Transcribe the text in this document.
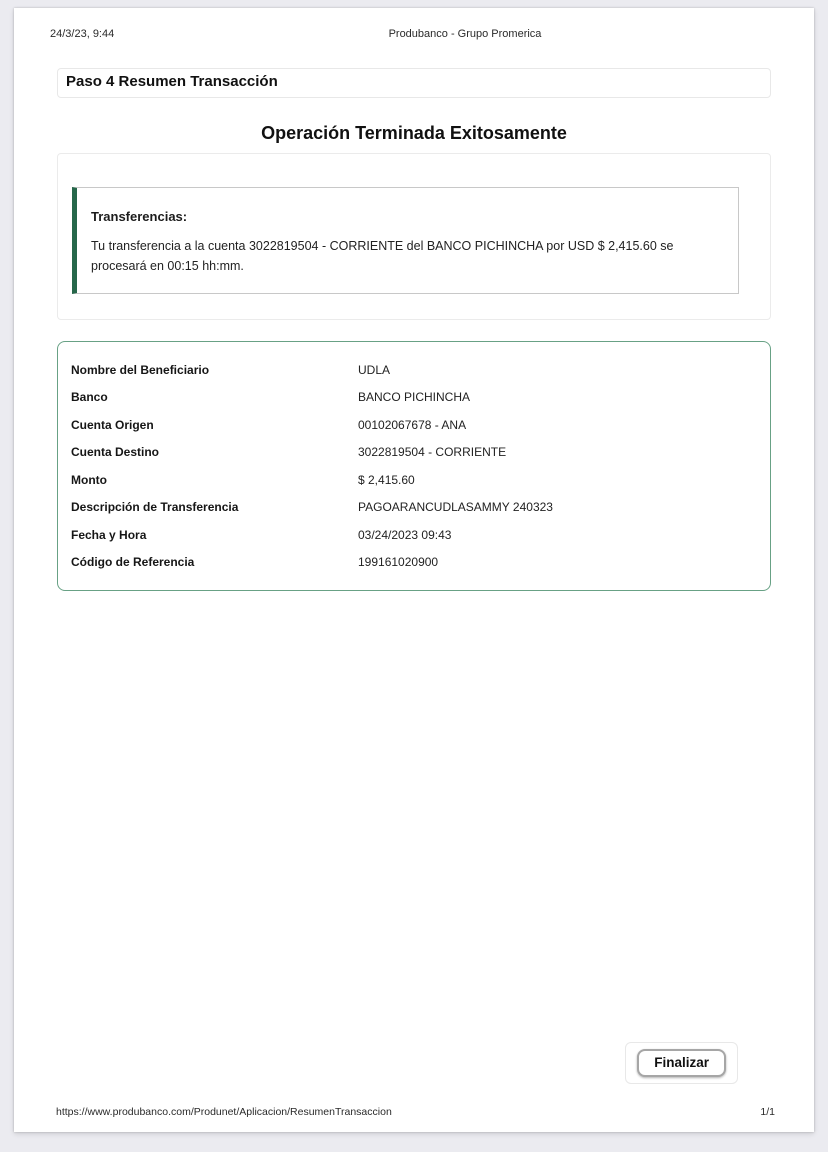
24/3/23, 9:44	Produbanco - Grupo Promerica
Paso 4 Resumen Transacción
Operación Terminada Exitosamente

Transferencias:

Tu transferencia a la cuenta 3022819504 - CORRIENTE del BANCO PICHINCHA por USD $ 2,415.60 se procesará en 00:15 hh:mm.

Nombre del Beneficiario	UDLA
Banco	BANCO PICHINCHA
Cuenta Origen	00102067678 - ANA
Cuenta Destino	3022819504 - CORRIENTE
Monto	$ 2,415.60
Descripción de Transferencia	PAGOARANCUDLASAMMY 240323
Fecha y Hora	03/24/2023 09:43
Código de Referencia	199161020900
Finalizar
https://www.produbanco.com/Produnet/Aplicacion/ResumenTransaccion	1/1
